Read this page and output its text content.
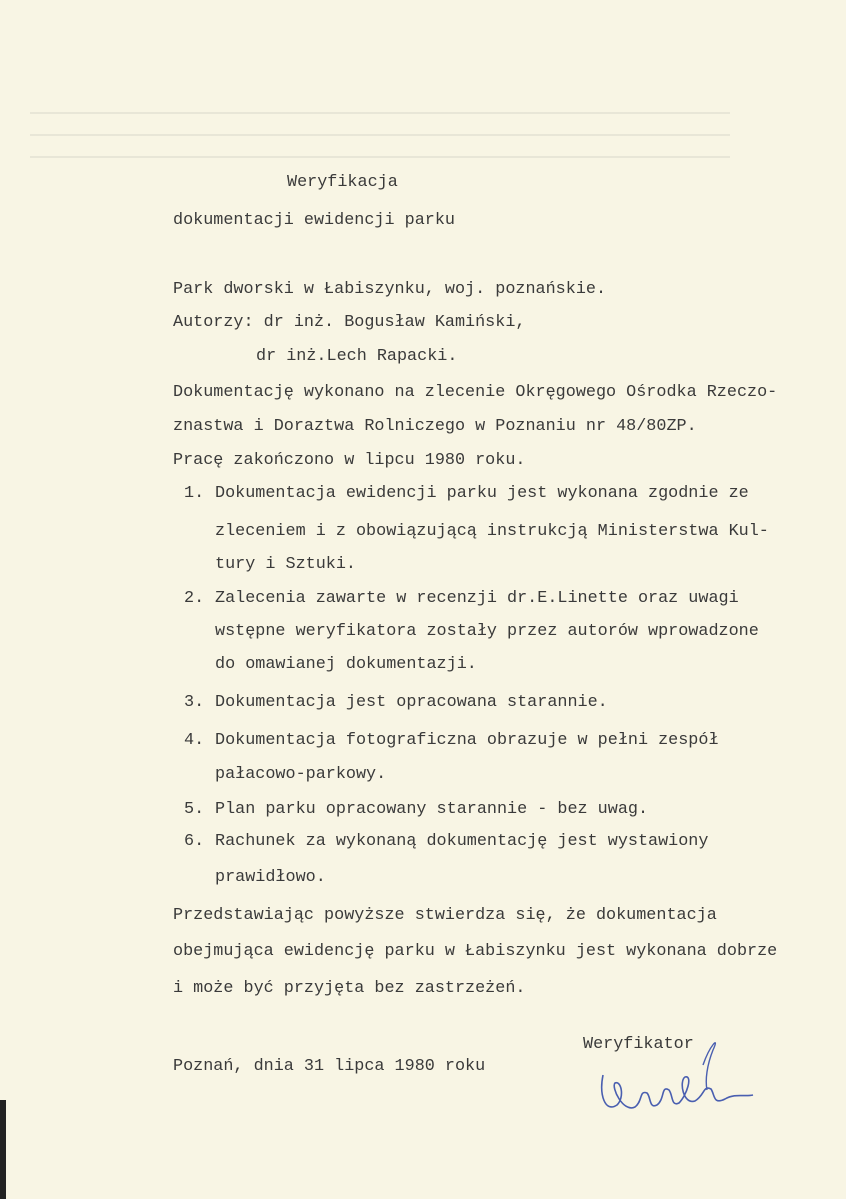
Weryfikacja
dokumentacji ewidencji parku
Park dworski w Łabiszynku, woj. poznańskie.
Autorzy: dr inż. Bogusław Kamiński,
dr inż.Lech Rapacki.
Dokumentację wykonano na zlecenie Okręgowego Ośrodka Rzeczo-
znastwa i Doraztwa Rolniczego w Poznaniu nr 48/80ZP.
Pracę zakończono w lipcu 1980 roku.
1. Dokumentacja ewidencji parku jest wykonana zgodnie ze
zleceniem i z obowiązującą instrukcją Ministerstwa Kul-
tury i Sztuki.
2. Zalecenia zawarte w recenzji dr.E.Linette oraz uwagi
wstępne weryfikatora zostały przez autorów wprowadzone
do omawianej dokumentazji.
3. Dokumentacja jest opracowana starannie.
4. Dokumentacja fotograficzna obrazuje w pełni zespół
pałacowo-parkowy.
5. Plan parku opracowany starannie - bez uwag.
6. Rachunek za wykonaną dokumentację jest wystawiony
prawidłowo.
Przedstawiając powyższe stwierdza się, że dokumentacja
obejmująca ewidencję parku w Łabiszynku jest wykonana dobrze
i może być przyjęta bez zastrzeżeń.
Weryfikator
Poznań, dnia 31 lipca 1980 roku
